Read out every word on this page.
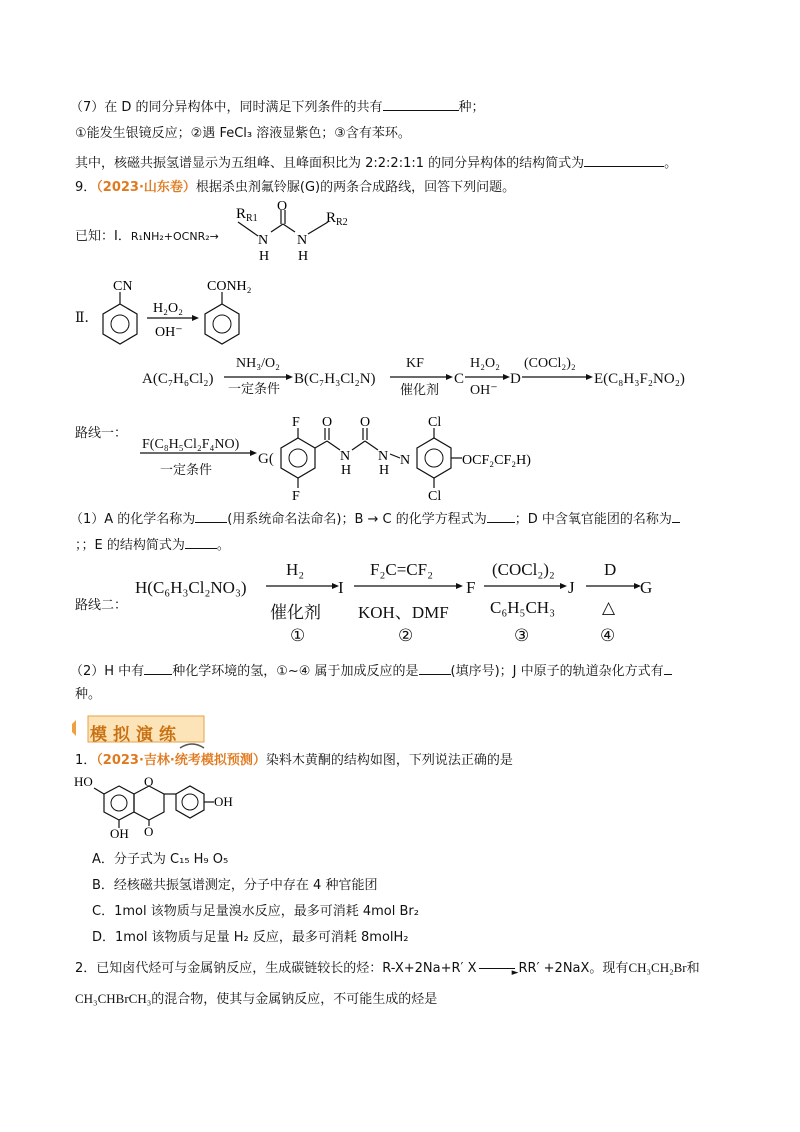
（7）在 D 的同分异构体中，同时满足下列条件的共有	种；
①能发生银镜反应；②遇 FeCl₃ 溶液显紫色；③含有苯环。
其中，核磁共振氢谱显示为五组峰、且峰面积比为 2:2:2:1:1 的同分异构体的结构简式为	。
9．（2023·山东卷）根据杀虫剂氟铃脲(G)的两条合成路线，回答下列问题。
已知：Ⅰ．R₁NH₂+OCNR₂→
$R_{R1}$
O
N
H
N
H
$R_{R2}$
Ⅱ．
CN	CONH₂
H₂O₂
OH⁻
A(C₇H₆Cl₂)
NH₃/O₂
一定条件
B(C₇H₃Cl₂N)
KF
催化剂
C
H₂O₂
OH⁻
D
(COCl₂)₂
E(C₈H₃F₂NO₂)
路线一：
F(C₈H₅Cl₂F₄NO)
一定条件
G(
F
F
O O
N
H
N
H
N
Cl
Cl
OCF₂CF₂H)
（1）A 的化学名称为 (用系统命名法命名)；B → C 的化学方程式为 ；D 中含氧官能团的名称为
；；E 的结构简式为 。
路线二：
H(C₆H₃Cl₂NO₃)
H₂
催化剂
I
F₂C=CF₂
KOH、DMF
F
(COCl₂)₂
C₆H₅CH₃
J
D
△
G
①	②	③	④
（2）H 中有 种化学环境的氢，①~④ 属于加成反应的是 (填序号)；J 中原子的轨道杂化方式有
种。
模拟演练
1．（2023·吉林·统考模拟预测）染料木黄酮的结构如图，下列说法正确的是
HO	O
OH O
OH
A．分子式为 C₁₅ H₉ O₅
B．经核磁共振氢谱测定，分子中存在 4 种官能团
C．1mol 该物质与足量溴水反应，最多可消耗 4mol Br₂
D．1mol 该物质与足量 H₂ 反应，最多可消耗 8molH₂
2．已知卤代烃可与金属钠反应，生成碳链较长的烃：R-X+2Na+R′ X	► RR′ +2NaX。现有CH₃CH₂Br和
CH₃CHBrCH₃的混合物，使其与金属钠反应，不可能生成的烃是
